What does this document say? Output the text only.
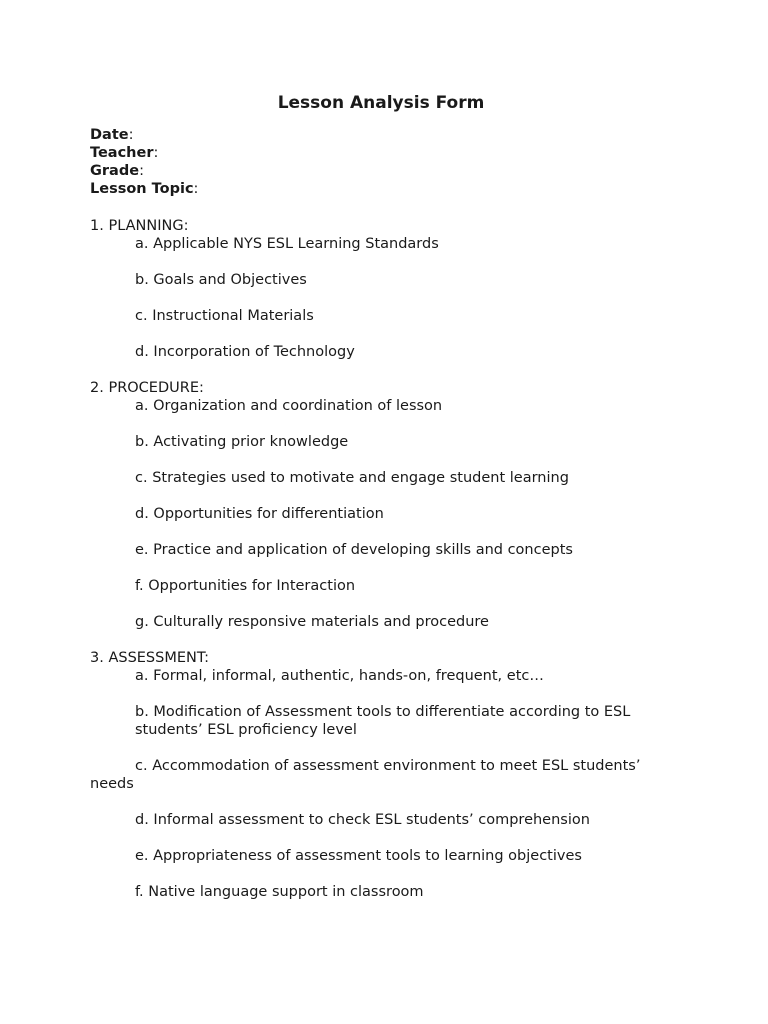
Lesson Analysis Form
Date:
Teacher:
Grade:
Lesson Topic:
1. PLANNING:
a. Applicable NYS ESL Learning Standards
b. Goals and Objectives
c. Instructional Materials
d. Incorporation of Technology
2. PROCEDURE:
a. Organization and coordination of lesson
b. Activating prior knowledge
c. Strategies used to motivate and engage student learning
d. Opportunities for differentiation
e. Practice and application of developing skills and concepts
f. Opportunities for Interaction
g. Culturally responsive materials and procedure
3. ASSESSMENT:
a. Formal, informal, authentic, hands-on, frequent, etc…
b. Modification of Assessment tools to differentiate according to ESL
students’ ESL proficiency level
c. Accommodation of assessment environment to meet ESL students’
needs
d. Informal assessment to check ESL students’ comprehension
e. Appropriateness of assessment tools to learning objectives
f. Native language support in classroom
